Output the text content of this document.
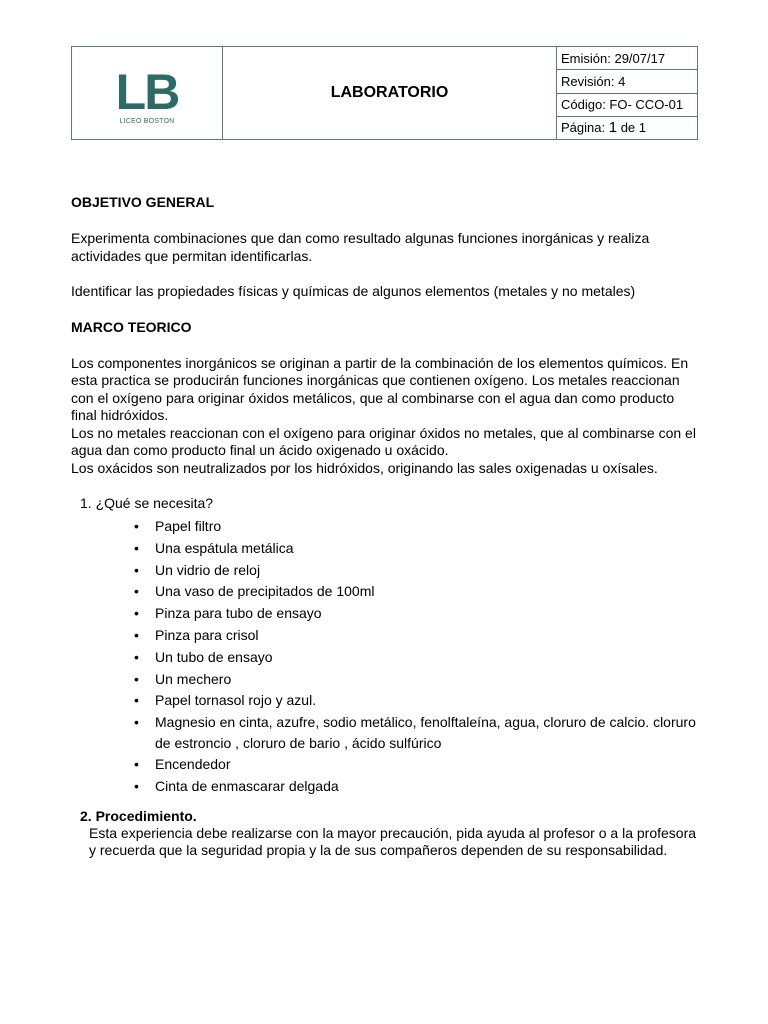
LB
LICEO BOSTON
	LABORATORIO	Emisión: 29/07/17
Revisión: 4
Código: FO- CCO-01
Página: 1 de 1

OBJETIVO GENERAL

Experimenta combinaciones que dan como resultado algunas funciones inorgánicas y realiza actividades que permitan identificarlas.

Identificar las propiedades físicas y químicas de algunos elementos (metales y no metales)

MARCO TEORICO

Los componentes inorgánicos se originan a partir de la combinación de los elementos químicos. En esta practica se producirán funciones inorgánicas que contienen oxígeno. Los metales reaccionan con el oxígeno para originar óxidos metálicos, que al combinarse con el agua dan como producto final hidróxidos.

Los no metales reaccionan con el oxígeno para originar óxidos no metales, que al combinarse con el agua dan como producto final un ácido oxigenado u oxácido.

Los oxácidos son neutralizados por los hidróxidos, originando las sales oxigenadas u oxísales.

1. ¿Qué se necesita?

• Papel filtro
• Una espátula metálica
• Un vidrio de reloj
• Una vaso de precipitados de 100ml
• Pinza para tubo de ensayo
• Pinza para crisol
• Un tubo de ensayo
• Un mechero
• Papel tornasol rojo y azul.
• Magnesio en cinta, azufre, sodio metálico, fenolftaleína, agua, cloruro de calcio. cloruro de estroncio , cloruro de bario , ácido sulfúrico
• Encendedor
• Cinta de enmascarar delgada

2. Procedimiento.

Esta experiencia debe realizarse con la mayor precaución, pida ayuda al profesor o a la profesora y recuerda que la seguridad propia y la de sus compañeros dependen de su responsabilidad.
